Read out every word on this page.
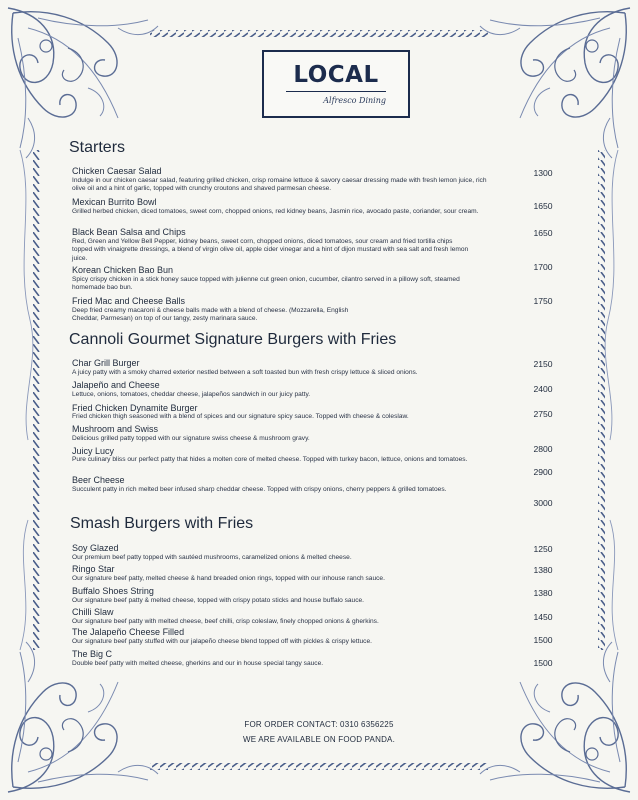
LOCAL
Alfresco Dining
Starters
Chicken Caesar Salad
Indulge in our chicken caesar salad, featuring grilled chicken, crisp romaine lettuce & savory caesar dressing made with fresh lemon juice, rich olive oil and a hint of garlic, topped with crunchy croutons and shaved parmesan cheese.
1300
Mexican Burrito Bowl
Grilled herbed chicken, diced tomatoes, sweet corn, chopped onions, red kidney beans, Jasmin rice, avocado paste, coriander, sour cream.
1650
Black Bean Salsa and Chips
Red, Green and Yellow Bell Pepper, kidney beans, sweet corn, chopped onions, diced tomatoes, sour cream and fried tortilla chips topped with vinaigrette dressings, a blend of virgin olive oil, apple cider vinegar and a hint of dijon mustard with sea salt and fresh lemon juice.
1650
Korean Chicken Bao Bun
Spicy crispy chicken in a stick honey sauce topped with julienne cut green onion, cucumber, cilantro served in a pillowy soft, steamed homemade bao bun.
1700
Fried Mac and Cheese Balls
Deep fried creamy macaroni & cheese balls made with a blend of cheese. (Mozzarella, English Cheddar, Parmesan) on top of our tangy, zesty marinara sauce.
1750
Cannoli Gourmet Signature Burgers with Fries
Char Grill Burger
A juicy patty with a smoky charred exterior nestled between a soft toasted bun with fresh crispy lettuce & sliced onions.
2150
Jalapeño and Cheese
Lettuce, onions, tomatoes, cheddar cheese, jalapeños sandwich in our juicy patty.
2400
Fried Chicken Dynamite Burger
Fried chicken thigh seasoned with a blend of spices and our signature spicy sauce. Topped with cheese & coleslaw.	2750
Mushroom and Swiss
Delicious grilled patty topped with our signature swiss cheese & mushroom gravy.
2800
Juicy Lucy
Pure culinary bliss our perfect patty that hides a molten core of melted cheese. Topped with turkey bacon, lettuce, onions and tomatoes.
2900
Beer Cheese
Succulent patty in rich melted beer infused sharp cheddar cheese. Topped with crispy onions, cherry peppers & grilled tomatoes.
3000
Smash Burgers with Fries
Soy Glazed
Our premium beef patty topped with sautéed mushrooms, caramelized onions & melted cheese.
1250
Ringo Star
Our signature beef patty, melted cheese & hand breaded onion rings, topped with our inhouse ranch sauce.
1380
Buffalo Shoes String
Our signature beef patty & melted cheese, topped with crispy potato sticks and house buffalo sauce.
1380
Chilli Slaw
Our signature beef patty with melted cheese, beef chilli, crisp coleslaw, finely chopped onions & gherkins.	1450
The Jalapeño Cheese Filled
Our signature beef patty stuffed with our jalapeño cheese blend topped off with pickles & crispy lettuce.	1500
The Big C
Double beef patty with melted cheese, gherkins and our in house special tangy sauce.	1500
FOR ORDER CONTACT: 0310 6356225
WE ARE AVAILABLE ON FOOD PANDA.
